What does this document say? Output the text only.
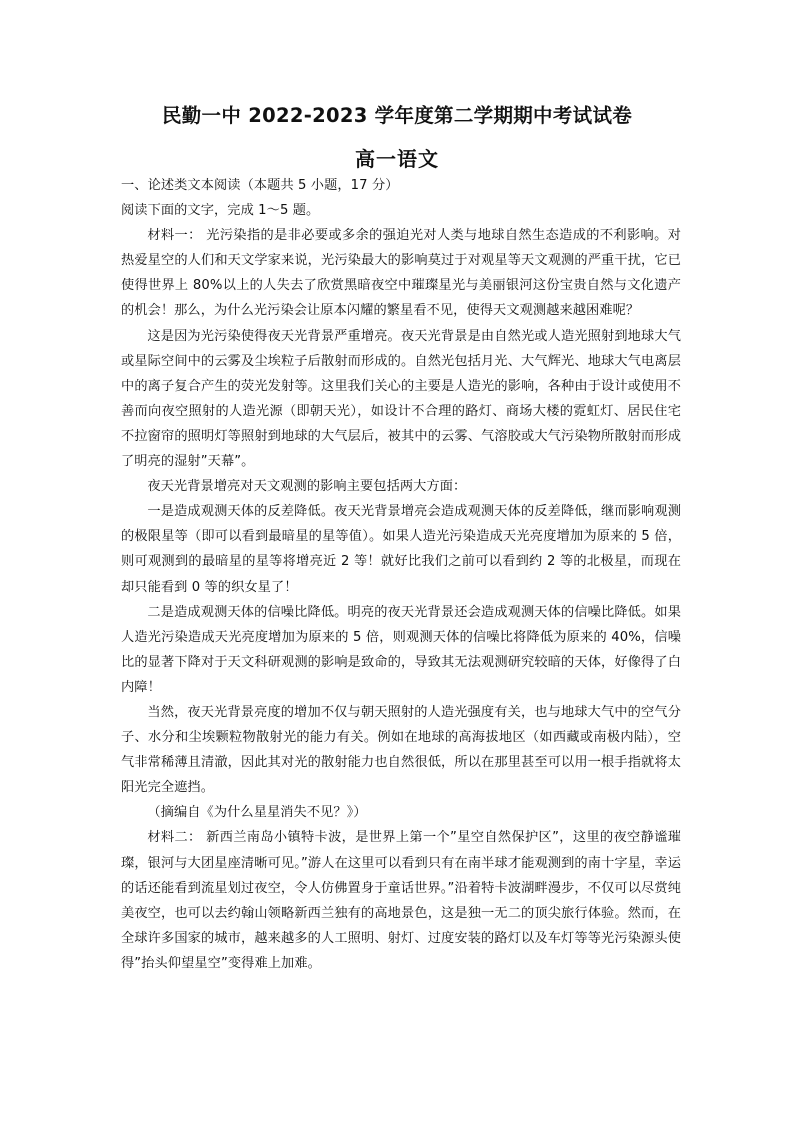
民勤一中 2022-2023 学年度第二学期期中考试试卷
高一语文

一、论述类文本阅读（本题共 5 小题，17 分）

阅读下面的文字，完成 1～5 题。

材料一： 光污染指的是非必要或多余的强迫光对人类与地球自然生态造成的不利影响。对热爱星空的人们和天文学家来说，光污染最大的影响莫过于对观星等天文观测的严重干扰，它已使得世界上 80%以上的人失去了欣赏黑暗夜空中璀璨星光与美丽银河这份宝贵自然与文化遗产的机会！那么，为什么光污染会让原本闪耀的繁星看不见，使得天文观测越来越困难呢？

这是因为光污染使得夜天光背景严重增亮。夜天光背景是由自然光或人造光照射到地球大气或星际空间中的云雾及尘埃粒子后散射而形成的。自然光包括月光、大气辉光、地球大气电离层中的离子复合产生的荧光发射等。这里我们关心的主要是人造光的影响，各种由于设计或使用不善而向夜空照射的人造光源（即朝天光），如设计不合理的路灯、商场大楼的霓虹灯、居民住宅不拉窗帘的照明灯等照射到地球的大气层后，被其中的云雾、气溶胶或大气污染物所散射而形成了明亮的湿射”天幕”。

夜天光背景增亮对天文观测的影响主要包括两大方面：

一是造成观测天体的反差降低。夜天光背景增亮会造成观测天体的反差降低，继而影响观测的极限星等（即可以看到最暗星的星等值）。如果人造光污染造成天光亮度增加为原来的 5 倍，则可观测到的最暗星的星等将增亮近 2 等！就好比我们之前可以看到约 2 等的北极星，而现在却只能看到 0 等的织女星了！

二是造成观测天体的信噪比降低。明亮的夜天光背景还会造成观测天体的信噪比降低。如果人造光污染造成天光亮度增加为原来的 5 倍，则观测天体的信噪比将降低为原来的 40%，信噪比的显著下降对于天文科研观测的影响是致命的，导致其无法观测研究较暗的天体，好像得了白内障！

当然，夜天光背景亮度的增加不仅与朝天照射的人造光强度有关，也与地球大气中的空气分子、水分和尘埃颗粒物散射光的能力有关。例如在地球的高海拔地区（如西藏或南极内陆），空气非常稀薄且清澈，因此其对光的散射能力也自然很低，所以在那里甚至可以用一根手指就将太阳光完全遮挡。

（摘编自《为什么星星消失不见？》）

材料二： 新西兰南岛小镇特卡波，是世界上第一个”星空自然保护区”，这里的夜空静谧璀璨，银河与大团星座清晰可见。”游人在这里可以看到只有在南半球才能观测到的南十字星，幸运的话还能看到流星划过夜空，令人仿佛置身于童话世界。”沿着特卡波湖畔漫步，不仅可以尽赏纯美夜空，也可以去约翰山领略新西兰独有的高地景色，这是独一无二的顶尖旅行体验。然而，在全球许多国家的城市，越来越多的人工照明、射灯、过度安装的路灯以及车灯等等光污染源头使得”抬头仰望星空”变得难上加难。
